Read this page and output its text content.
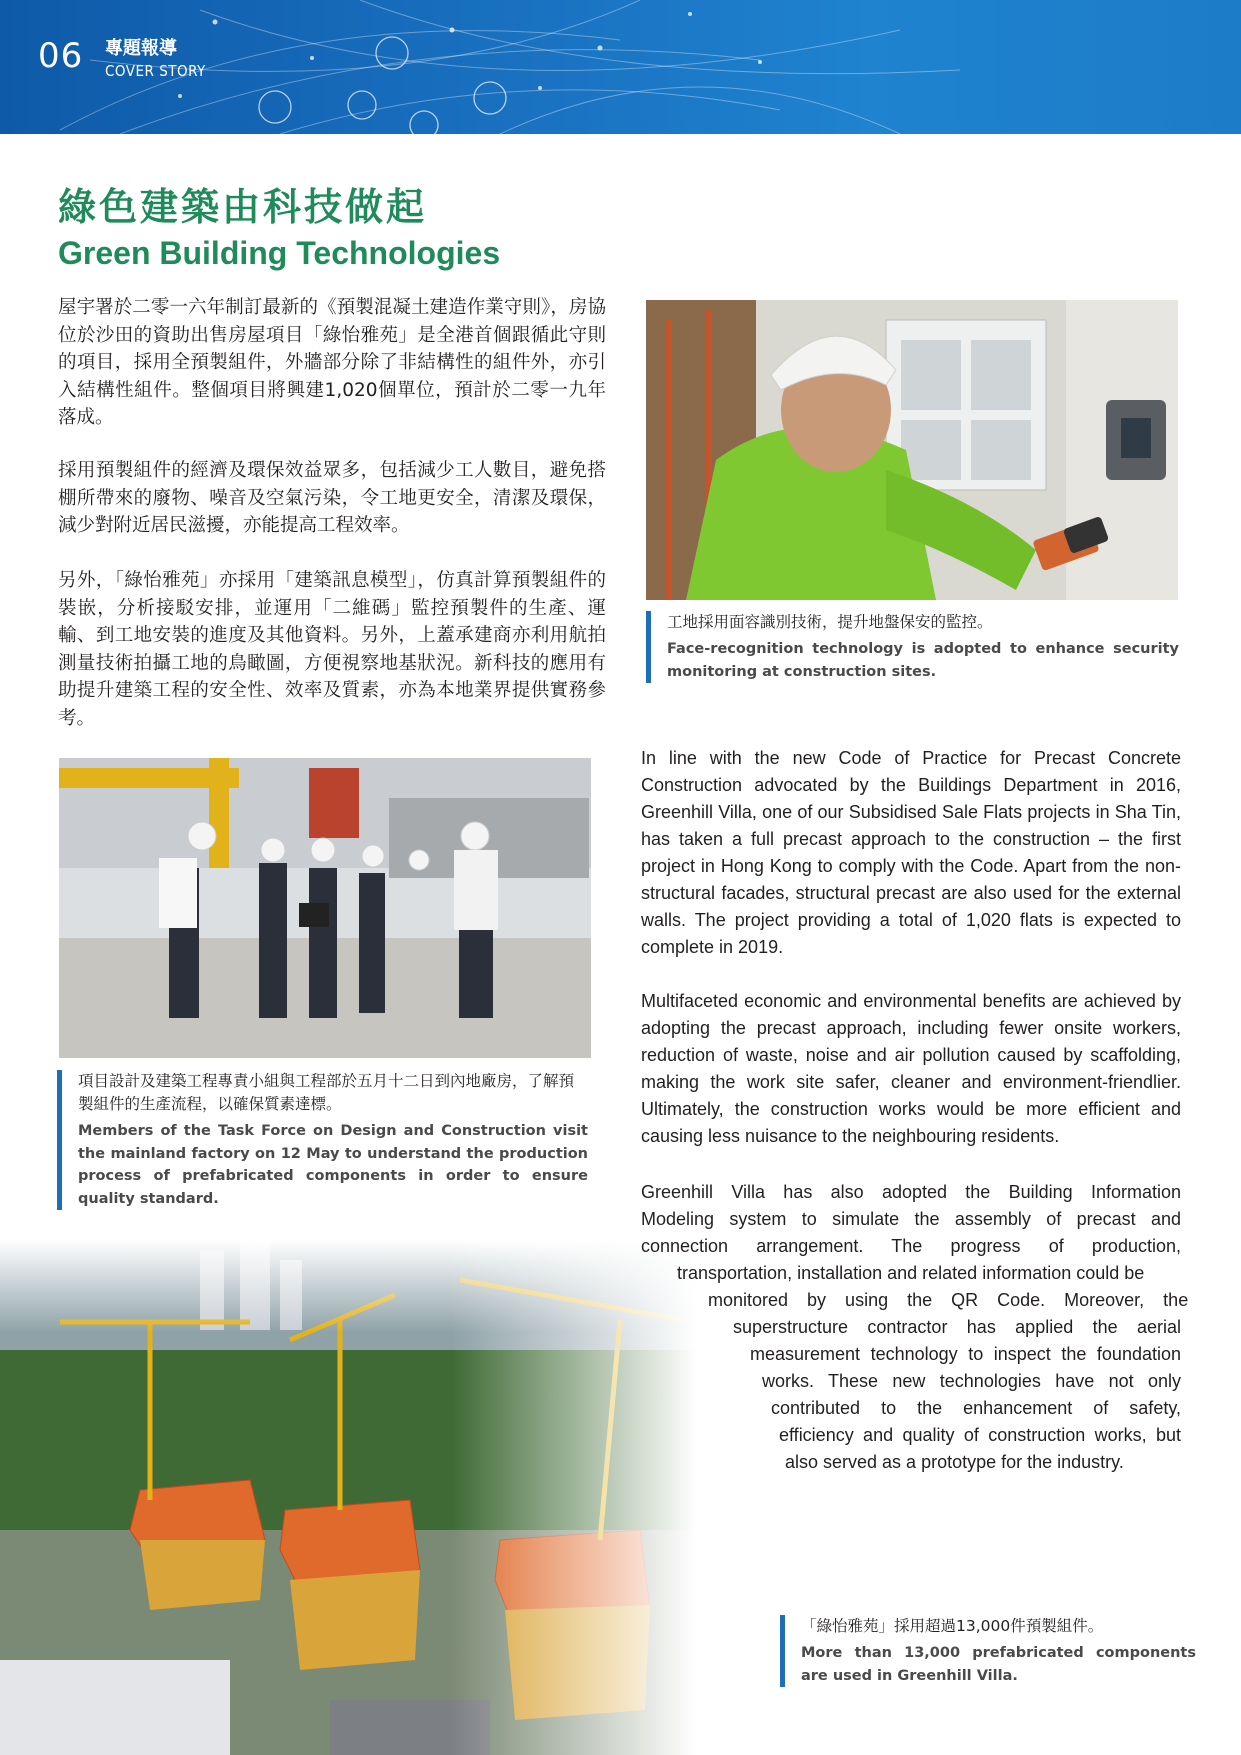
06 專題報導
COVER STORY
綠色建築由科技做起
Green Building Technologies

屋宇署於二零一六年制訂最新的《預製混凝土建造作業守則》，房協位於沙田的資助出售房屋項目「綠怡雅苑」是全港首個跟循此守則的項目，採用全預製組件，外牆部分除了非結構性的組件外，亦引入結構性組件。整個項目將興建1,020個單位，預計於二零一九年落成。

採用預製組件的經濟及環保效益眾多，包括減少工人數目，避免搭棚所帶來的廢物、噪音及空氣污染，令工地更安全，清潔及環保，減少對附近居民滋擾，亦能提高工程效率。

另外，「綠怡雅苑」亦採用「建築訊息模型」，仿真計算預製組件的裝嵌，分析接駁安排，並運用「二維碼」監控預製件的生產、運輸、到工地安裝的進度及其他資料。另外，上蓋承建商亦利用航拍測量技術拍攝工地的鳥瞰圖，方便視察地基狀況。新科技的應用有助提升建築工程的安全性、效率及質素，亦為本地業界提供實務參考。

工地採用面容識別技術，提升地盤保安的監控。

Face-recognition technology is adopted to enhance security monitoring at construction sites.

In line with the new Code of Practice for Precast Concrete Construction advocated by the Buildings Department in 2016, Greenhill Villa, one of our Subsidised Sale Flats projects in Sha Tin, has taken a full precast approach to the construction – the first project in Hong Kong to comply with the Code. Apart from the non-structural facades, structural precast are also used for the external walls. The project providing a total of 1,020 flats is expected to complete in 2019.

Multifaceted economic and environmental benefits are achieved by adopting the precast approach, including fewer onsite workers, reduction of waste, noise and air pollution caused by scaffolding, making the work site safer, cleaner and environment-friendlier. Ultimately, the construction works would be more efficient and causing less nuisance to the neighbouring residents.

項目設計及建築工程專責小組與工程部於五月十二日到內地廠房，了解預製組件的生產流程，以確保質素達標。

Members of the Task Force on Design and Construction visit the mainland factory on 12 May to understand the production process of prefabricated components in order to ensure quality standard.	Greenhill Villa has also adopted the Building Information
Modeling system to simulate the assembly of precast and
connection arrangement. The progress of production,
transportation, installation and related information could be
monitored by using the QR Code. Moreover, the
superstructure contractor has applied the aerial
measurement technology to inspect the foundation
works. These new technologies have not only
contributed to the enhancement of safety,
efficiency and quality of construction works, but
also served as a prototype for the industry.

「綠怡雅苑」採用超過13,000件預製組件。

More than 13,000 prefabricated components are used in Greenhill Villa.
